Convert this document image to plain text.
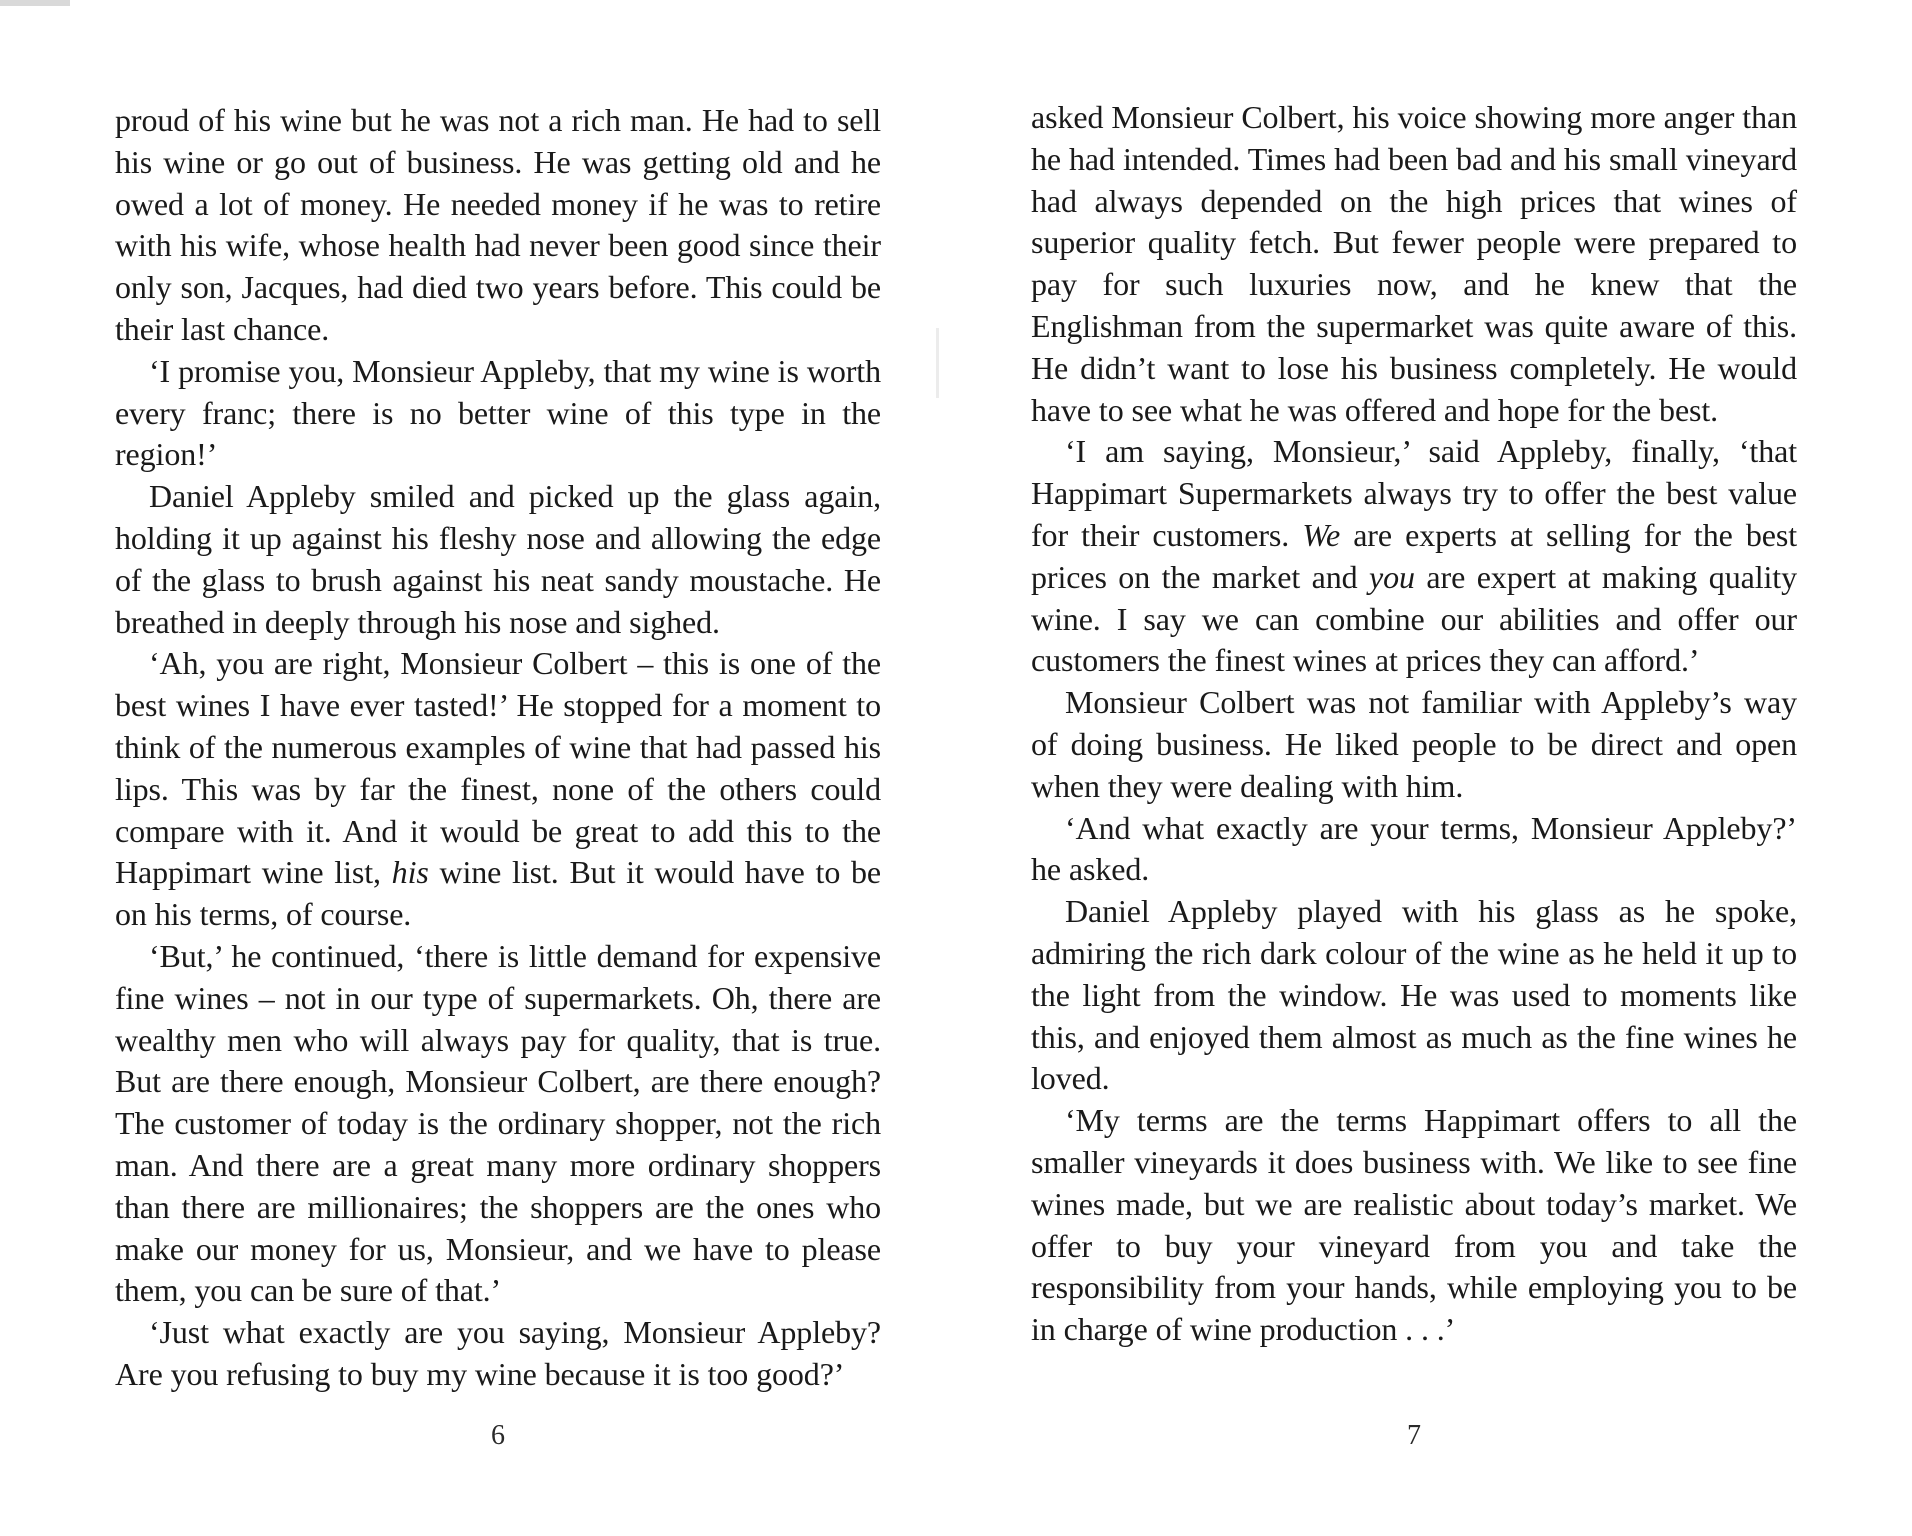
proud of his wine but he was not a rich man. He had to sell his wine or go out of business. He was getting old and he owed a lot of money. He needed money if he was to retire with his wife, whose health had never been good since their only son, Jacques, had died two years before. This could be their last chance.

‘I promise you, Monsieur Appleby, that my wine is worth every franc; there is no better wine of this type in the region!’

Daniel Appleby smiled and picked up the glass again, holding it up against his fleshy nose and allowing the edge of the glass to brush against his neat sandy moustache. He breathed in deeply through his nose and sighed.

‘Ah, you are right, Monsieur Colbert – this is one of the best wines I have ever tasted!’ He stopped for a moment to think of the numerous examples of wine that had passed his lips. This was by far the finest, none of the others could compare with it. And it would be great to add this to the Happimart wine list, his wine list. But it would have to be on his terms, of course.

‘But,’ he continued, ‘there is little demand for expensive fine wines – not in our type of supermarkets. Oh, there are wealthy men who will always pay for quality, that is true. But are there enough, Monsieur Colbert, are there enough? The customer of today is the ordinary shopper, not the rich man. And there are a great many more ordinary shoppers than there are millionaires; the shoppers are the ones who make our money for us, Monsieur, and we have to please them, you can be sure of that.’

‘Just what exactly are you saying, Monsieur Appleby? Are you refusing to buy my wine because it is too good?’

6

asked Monsieur Colbert, his voice showing more anger than he had intended. Times had been bad and his small vineyard had always depended on the high prices that wines of superior quality fetch. But fewer people were prepared to pay for such luxuries now, and he knew that the Englishman from the supermarket was quite aware of this. He didn’t want to lose his business completely. He would have to see what he was offered and hope for the best.

‘I am saying, Monsieur,’ said Appleby, finally, ‘that Happimart Supermarkets always try to offer the best value for their customers. We are experts at selling for the best prices on the market and you are expert at making quality wine. I say we can combine our abilities and offer our customers the finest wines at prices they can afford.’

Monsieur Colbert was not familiar with Appleby’s way of doing business. He liked people to be direct and open when they were dealing with him.

‘And what exactly are your terms, Monsieur Appleby?’ he asked.

Daniel Appleby played with his glass as he spoke, admiring the rich dark colour of the wine as he held it up to the light from the window. He was used to moments like this, and enjoyed them almost as much as the fine wines he loved.

‘My terms are the terms Happimart offers to all the smaller vineyards it does business with. We like to see fine wines made, but we are realistic about today’s market. We offer to buy your vineyard from you and take the responsibility from your hands, while employing you to be in charge of wine production . . .’

7
